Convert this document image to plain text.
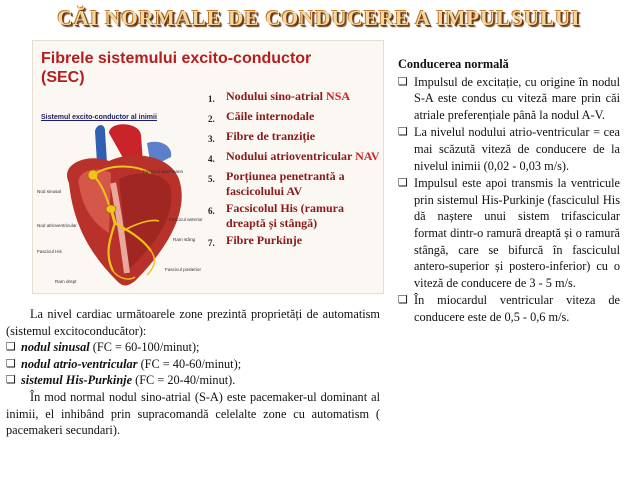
CĂI NORMALE DE CONDUCERE A IMPULSULUI
Fibrele sistemului excito-conductor
(SEC)
Sistemul excito-conductor al inimii
Fascicul Bachmann
Nod sinusal
Nod atrioventricular
Fascicul His
Ram drept
Ram stâng
Fascicul anterior
Fascicul posterior
1. Nodului sino-atrial NSA
2. Căile internodale
3. Fibre de tranziție
4. Nodului atrioventricular NAV
5. Porțiunea penetrantă a fascicolului AV
6. Facsicolul His (ramura dreaptă și stângă)
7. Fibre Purkinje

La nivel cardiac următoarele zone prezintă proprietăți de automatism (sistemul excitoconducător):

❑ nodul sinusal (FC = 60-100/minut);
❑ nodul atrio-ventricular (FC = 40-60/minut);
❑ sistemul His-Purkinje (FC = 20-40/minut).

În mod normal nodul sino-atrial (S-A) este pacemaker-ul dominant al inimii, el inhibând prin supracomandă celelalte zone cu automatism ( pacemakeri secundari).

Conducerea normală
❑ Impulsul de excitație, cu origine în nodul S-A este condus cu viteză mare prin căi atriale preferențiale până la nodul A-V.
❑ La nivelul nodului atrio-ventricular = cea mai scăzută viteză de conducere de la nivelul inimii (0,02 - 0,03 m/s).
❑ Impulsul este apoi transmis la ventricule prin sistemul His-Purkinje (fasciculul His dă naștere unui sistem trifascicular format dintr-o ramură dreaptă și o ramură stângă, care se bifurcă în fasciculul antero-superior și postero-inferior) cu o viteză de conducere de 3 - 5 m/s.
❑ În miocardul ventricular viteza de conducere este de 0,5 - 0,6 m/s.
